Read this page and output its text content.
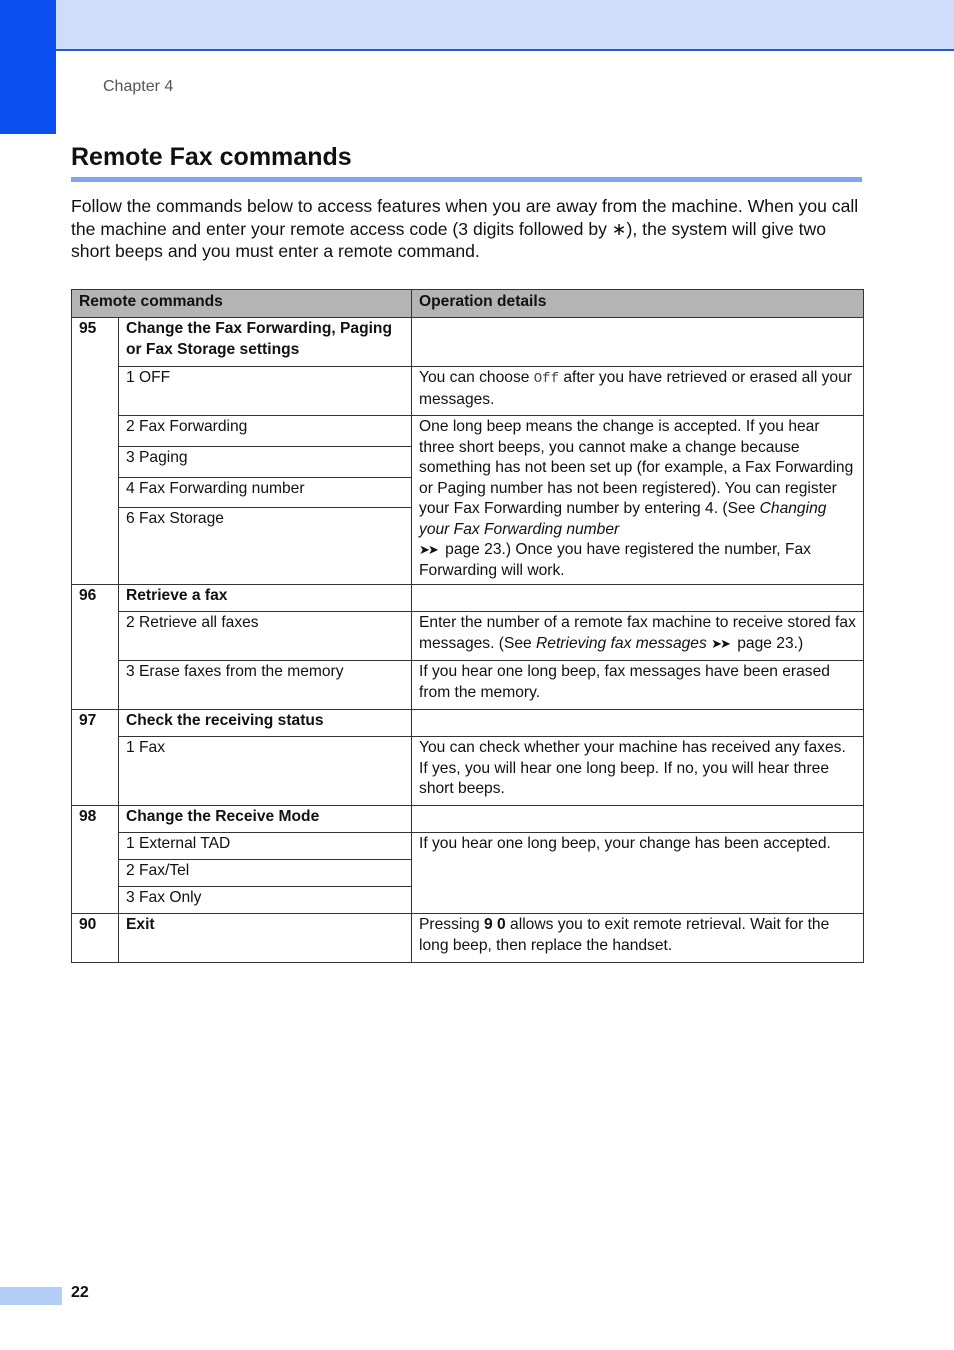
Chapter 4
Remote Fax commands

Follow the commands below to access features when you are away from the machine. When you call the machine and enter your remote access code (3 digits followed by ∗), the system will give two short beeps and you must enter a remote command.

Remote commands		Operation details
95	Change the Fax Forwarding, Paging or Fax Storage settings	
	1 OFF	You can choose Off after you have retrieved or erased all your messages.
	2 Fax Forwarding	One long beep means the change is accepted. If you hear three short beeps, you cannot make a change because something has not been set up (for example, a Fax Forwarding or Paging number has not been registered). You can register your Fax Forwarding number by entering 4. (See Changing your Fax Forwarding number
➤➤ page 23.) Once you have registered the number, Fax Forwarding will work.
	3 Paging	
	4 Fax Forwarding number	
	6 Fax Storage	
96	Retrieve a fax	
	2 Retrieve all faxes	Enter the number of a remote fax machine to receive stored fax messages. (See Retrieving fax messages ➤➤ page 23.)
	3 Erase faxes from the memory	If you hear one long beep, fax messages have been erased from the memory.
97	Check the receiving status	
	1 Fax	You can check whether your machine has received any faxes. If yes, you will hear one long beep. If no, you will hear three short beeps.
98	Change the Receive Mode	
	1 External TAD	If you hear one long beep, your change has been accepted.
	2 Fax/Tel	
	3 Fax Only	
90	Exit	Pressing 9 0 allows you to exit remote retrieval. Wait for the long beep, then replace the handset.
22
